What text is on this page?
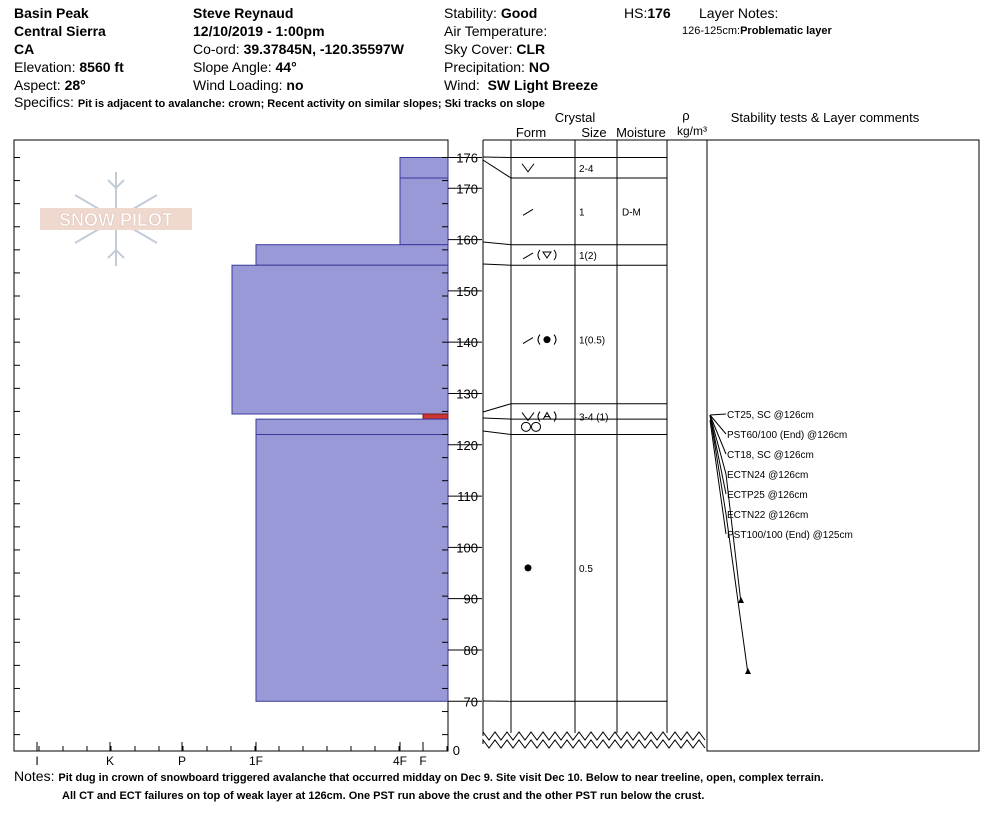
Basin Peak
Central Sierra
CA
Elevation: 8560 ft
Aspect: 28°
Steve Reynaud
12/10/2019 - 1:00pm
Co-ord: 39.37845N, -120.35597W
Slope Angle: 44°
Wind Loading: no
Stability: Good
Air Temperature:
Sky Cover: CLR
Precipitation: NO
Wind: SW Light Breeze
HS:176 Layer Notes:
126-125cm:Problematic layer
Specifics: Pit is adjacent to avalanche: crown; Recent activity on similar slopes; Ski tracks on slope
Crystal
Form	Size Moisture
ρ
kg/m³
Stability tests & Layer comments
SNOW PILOT
I	K	P	1F	4F F
70
80
90
100
110
120
130
140
150
160
170
176
0
2-4
1	D-M
1(2)
1(0.5)
3-4 (1)
0.5
CT25, SC @126cm
PST60/100 (End) @126cm
CT18, SC @126cm
ECTN24 @126cm
ECTP25 @126cm
ECTN22 @126cm
PST100/100 (End) @125cm
Notes: Pit dug in crown of snowboard triggered avalanche that occurred midday on Dec 9. Site visit Dec 10. Below to near treeline, open, complex terrain.
All CT and ECT failures on top of weak layer at 126cm. One PST run above the crust and the other PST run below the crust.
